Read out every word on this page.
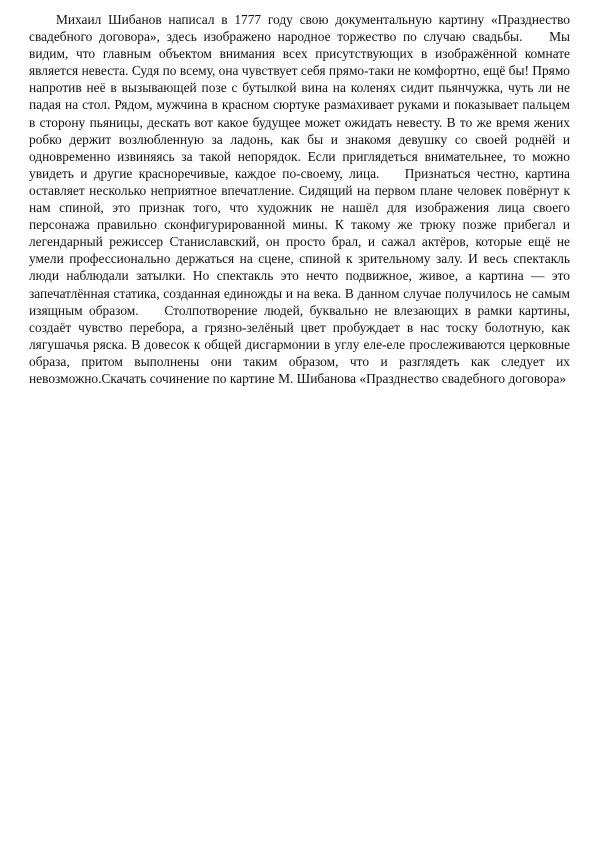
Михаил Шибанов написал в 1777 году свою документальную картину «Празднество свадебного договора», здесь изображено народное торжество по случаю свадьбы.    Мы видим, что главным объектом внимания всех присутствующих в изображённой комнате является невеста. Судя по всему, она чувствует себя прямо-таки не комфортно, ещё бы! Прямо напротив неё в вызывающей позе с бутылкой вина на коленях сидит пьянчужка, чуть ли не падая на стол. Рядом, мужчина в красном сюртуке размахивает руками и показывает пальцем в сторону пьяницы, дескать вот какое будущее может ожидать невесту. В то же время жених робко держит возлюбленную за ладонь, как бы и знакомя девушку со своей роднёй и одновременно извиняясь за такой непорядок. Если приглядеться внимательнее, то можно увидеть и другие красноречивые, каждое по-своему, лица.    Признаться честно, картина оставляет несколько неприятное впечатление. Сидящий на первом плане человек повёрнут к нам спиной, это признак того, что художник не нашёл для изображения лица своего персонажа правильно сконфигурированной мины. К такому же трюку позже прибегал и легендарный режиссер Станиславский, он просто брал, и сажал актёров, которые ещё не умели профессионально держаться на сцене, спиной к зрительному залу. И весь спектакль люди наблюдали затылки. Но спектакль это нечто подвижное, живое, а картина — это запечатлённая статика, созданная единожды и на века. В данном случае получилось не самым изящным образом.    Столпотворение людей, буквально не влезающих в рамки картины, создаёт чувство перебора, а грязно-зелёный цвет пробуждает в нас тоску болотную, как лягушачья ряска. В довесок к общей дисгармонии в углу еле-еле прослеживаются церковные образа, притом выполнены они таким образом, что и разглядеть как следует их невозможно.Скачать сочинение по картине М. Шибанова «Празднество свадебного договора»
